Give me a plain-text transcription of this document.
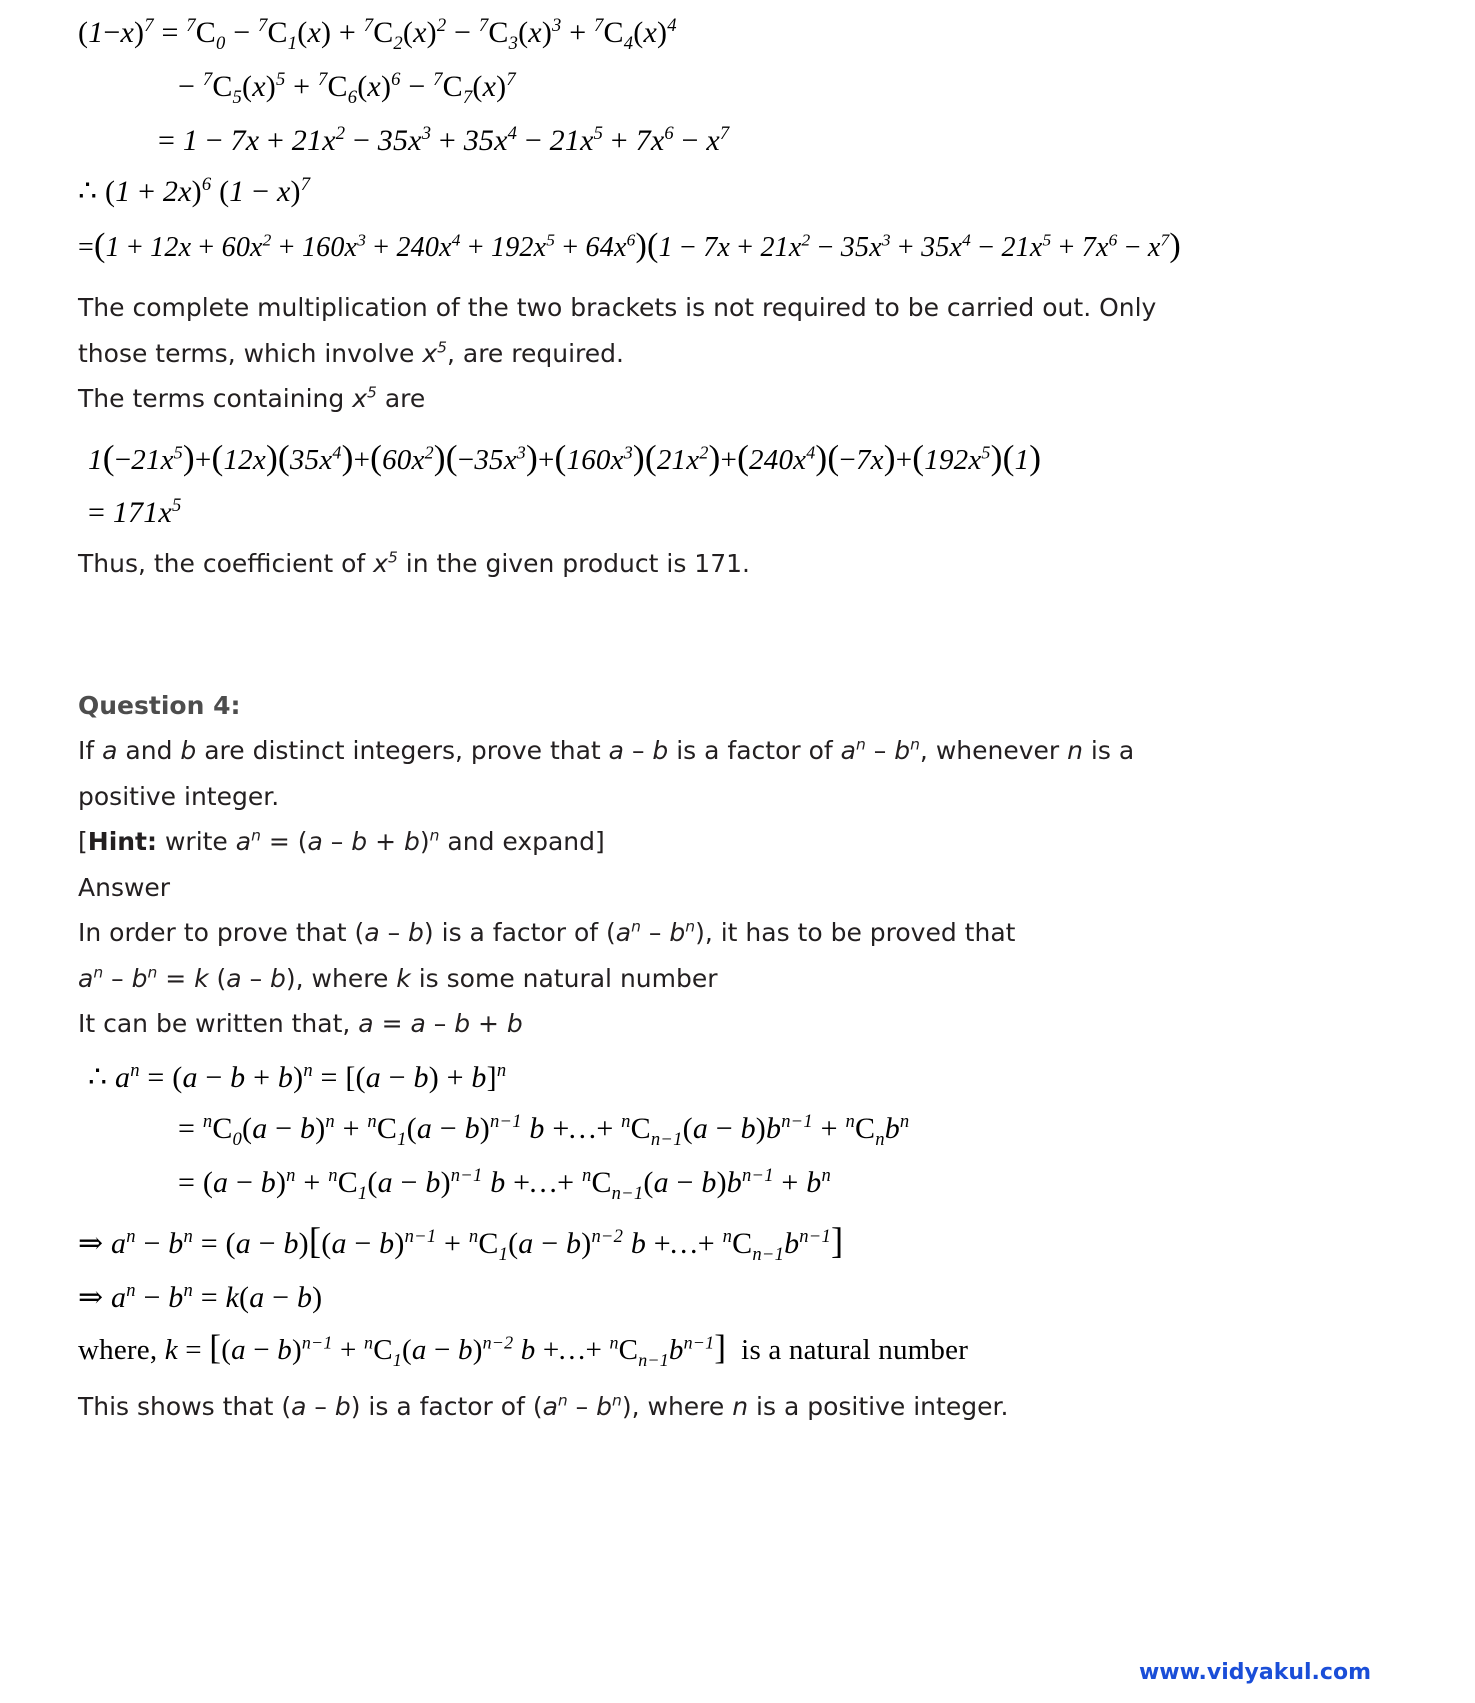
$(1-x)^7 = ^7C_0 - ^7C_1(x) + ^7C_2(x)^2 - ^7C_3(x)^3 + ^7C_4(x)^4$
− $^7C_5(x)^5 + ^7C_6(x)^6 - ^7C_7(x)^7$
= $1 - 7x + 21x^2 - 35x^3 + 35x^4 - 21x^5 + 7x^6 - x^7$
∴ $(1 + 2x)^6$ $(1 - x)^7$
$=(1 + 12x + 60x^2 + 160x^3 + 240x^4 + 192x^5 + 64x^6)(1 - 7x + 21x^2 - 35x^3 + 35x^4 - 21x^5 + 7x^6 - x^7)$

The complete multiplication of the two brackets is not required to be carried out. Only

those terms, which involve $x^5$, are required.

The terms containing $x^5$ are

$1(-21x^5)+(12x)(35x^4)+(60x^2)(-35x^3)+(160x^3)(21x^2)+(240x^4)(-7x)+(192x^5)(1)$
= $171x^5$

Thus, the coefficient of $x^5$ in the given product is 171.

Question 4:

If a and b are distinct integers, prove that a – b is a factor of $a^n - b^n$, whenever n is a

positive integer.

[Hint: write $a^n = (a - b + b)^n$ and expand]

Answer

In order to prove that (a – b) is a factor of $(a^n - b^n)$, it has to be proved that

$a^n - b^n = k$ (a – b), where k is some natural number

It can be written that, a = a – b + b

∴ $a^n = (a - b + b)^n = [(a - b) + b]^n$
= $^nC_0(a - b)^n + ^nC_1(a - b)^{n-1}$ b +…+ $^nC_{n-1}(a - b)b^{n-1} + ^nC_nb^n$
= $(a - b)^n + ^nC_1(a - b)^{n-1}$ b +…+ $^nC_{n-1}(a - b)b^{n-1} + b^n$
⇒ $a^n - b^n = (a - b)[(a - b)^{n-1} + ^nC_1(a - b)^{n-2}$ b +…+ $^nC_{n-1}b^{n-1}$]
⇒ $a^n - b^n = k(a - b)$
where, $k = [(a - b)^{n-1} + ^nC_1(a - b)^{n-2}$ b +…+ $^nC_{n-1}b^{n-1}$]  is a natural number

This shows that (a – b) is a factor of $(a^n - b^n)$, where n is a positive integer.

www.vidyakul.com
